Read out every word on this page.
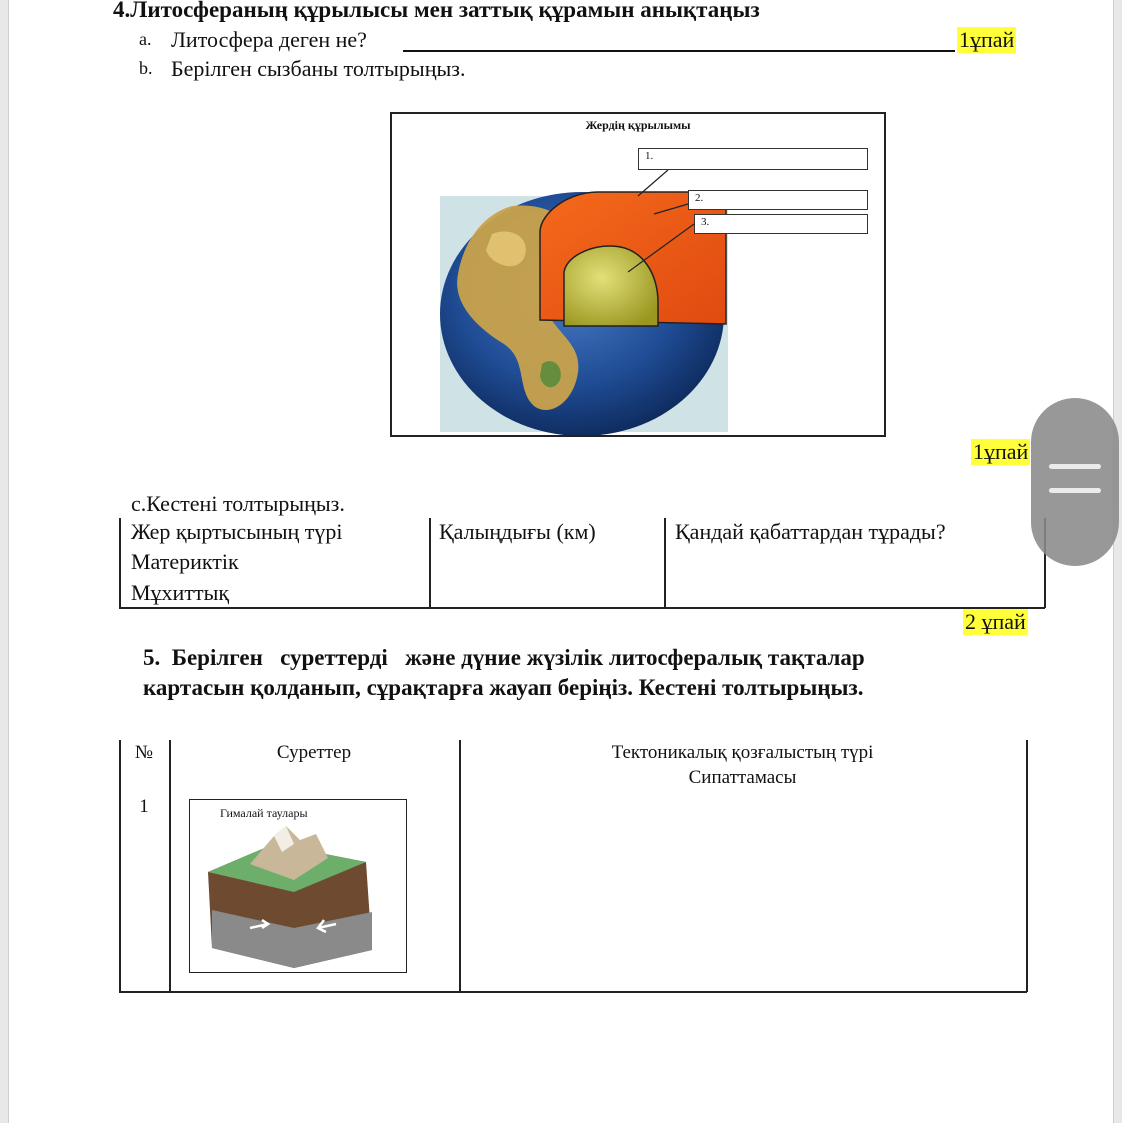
4.Литосфераның құрылысы мен заттық құрамын анықтаңыз
a. Литосфера деген не?	1ұпай
b. Берілген сызбаны толтырыңыз.
Жердің құрылымы
1.
2.
3.
1ұпай
с.Кестені толтырыңыз.
Жер қыртысының түрі	Қалыңдығы (км)	Қандай қабаттардан тұрады?
Материктік
Мұхиттық
2 ұпай
5.  Берілген   суреттерді   және дүние жүзілік литосфералық тақталар
картасын қолданып, сұрақтарға жауап беріңіз. Кестені толтырыңыз.
№	Суреттер	Тектоникалық қозғалыстың түрі
Сипаттамасы
1	Гималай таулары
